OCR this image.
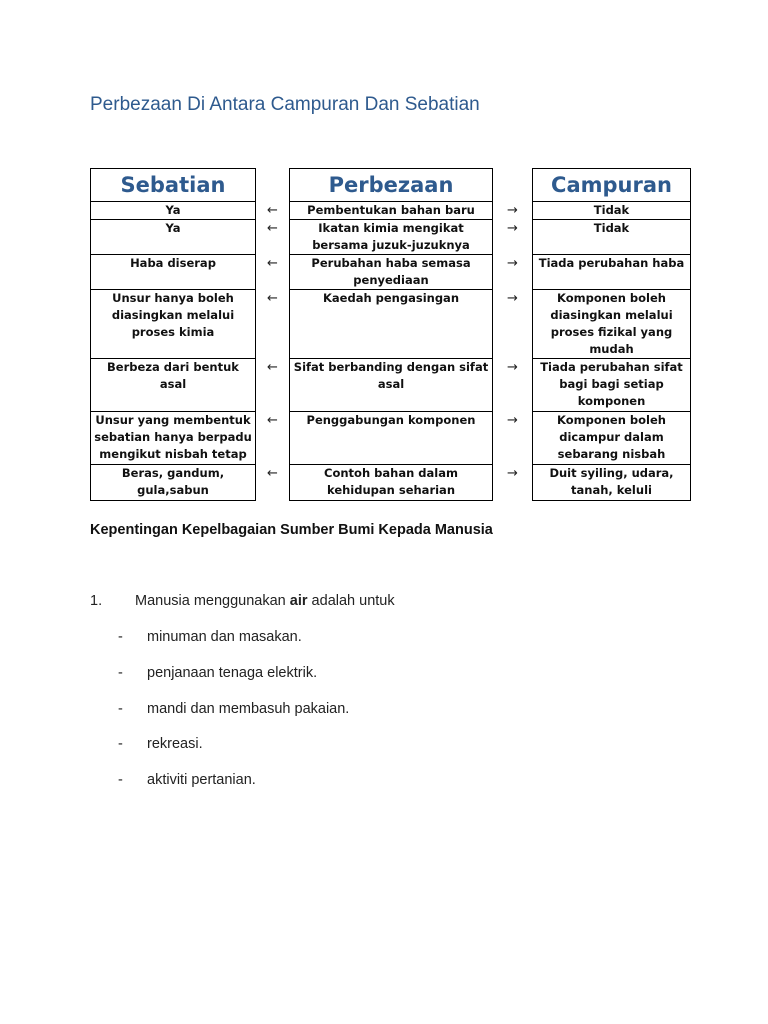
Perbezaan Di Antara Campuran Dan Sebatian
Sebatian		Perbezaan		Campuran
Ya	←	Pembentukan bahan baru	→	Tidak
Ya	←	Ikatan kimia mengikat bersama juzuk-juzuknya	→	Tidak
Haba diserap	←	Perubahan haba semasa penyediaan	→	Tiada perubahan haba
Unsur hanya boleh diasingkan melalui proses kimia	←	Kaedah pengasingan	→	Komponen boleh diasingkan melalui proses fizikal yang mudah
Berbeza dari bentuk asal	←	Sifat berbanding dengan sifat asal	→	Tiada perubahan sifat bagi bagi setiap komponen
Unsur yang membentuk sebatian hanya berpadu mengikut nisbah tetap	←	Penggabungan komponen	→	Komponen boleh dicampur dalam sebarang nisbah
Beras, gandum, gula,sabun	←	Contoh bahan dalam kehidupan seharian	→	Duit syiling, udara, tanah, keluli
Kepentingan Kepelbagaian Sumber Bumi Kepada Manusia
1. Manusia menggunakan air adalah untuk
- minuman dan masakan.
- penjanaan tenaga elektrik.
- mandi dan membasuh pakaian.
- rekreasi.
- aktiviti pertanian.
